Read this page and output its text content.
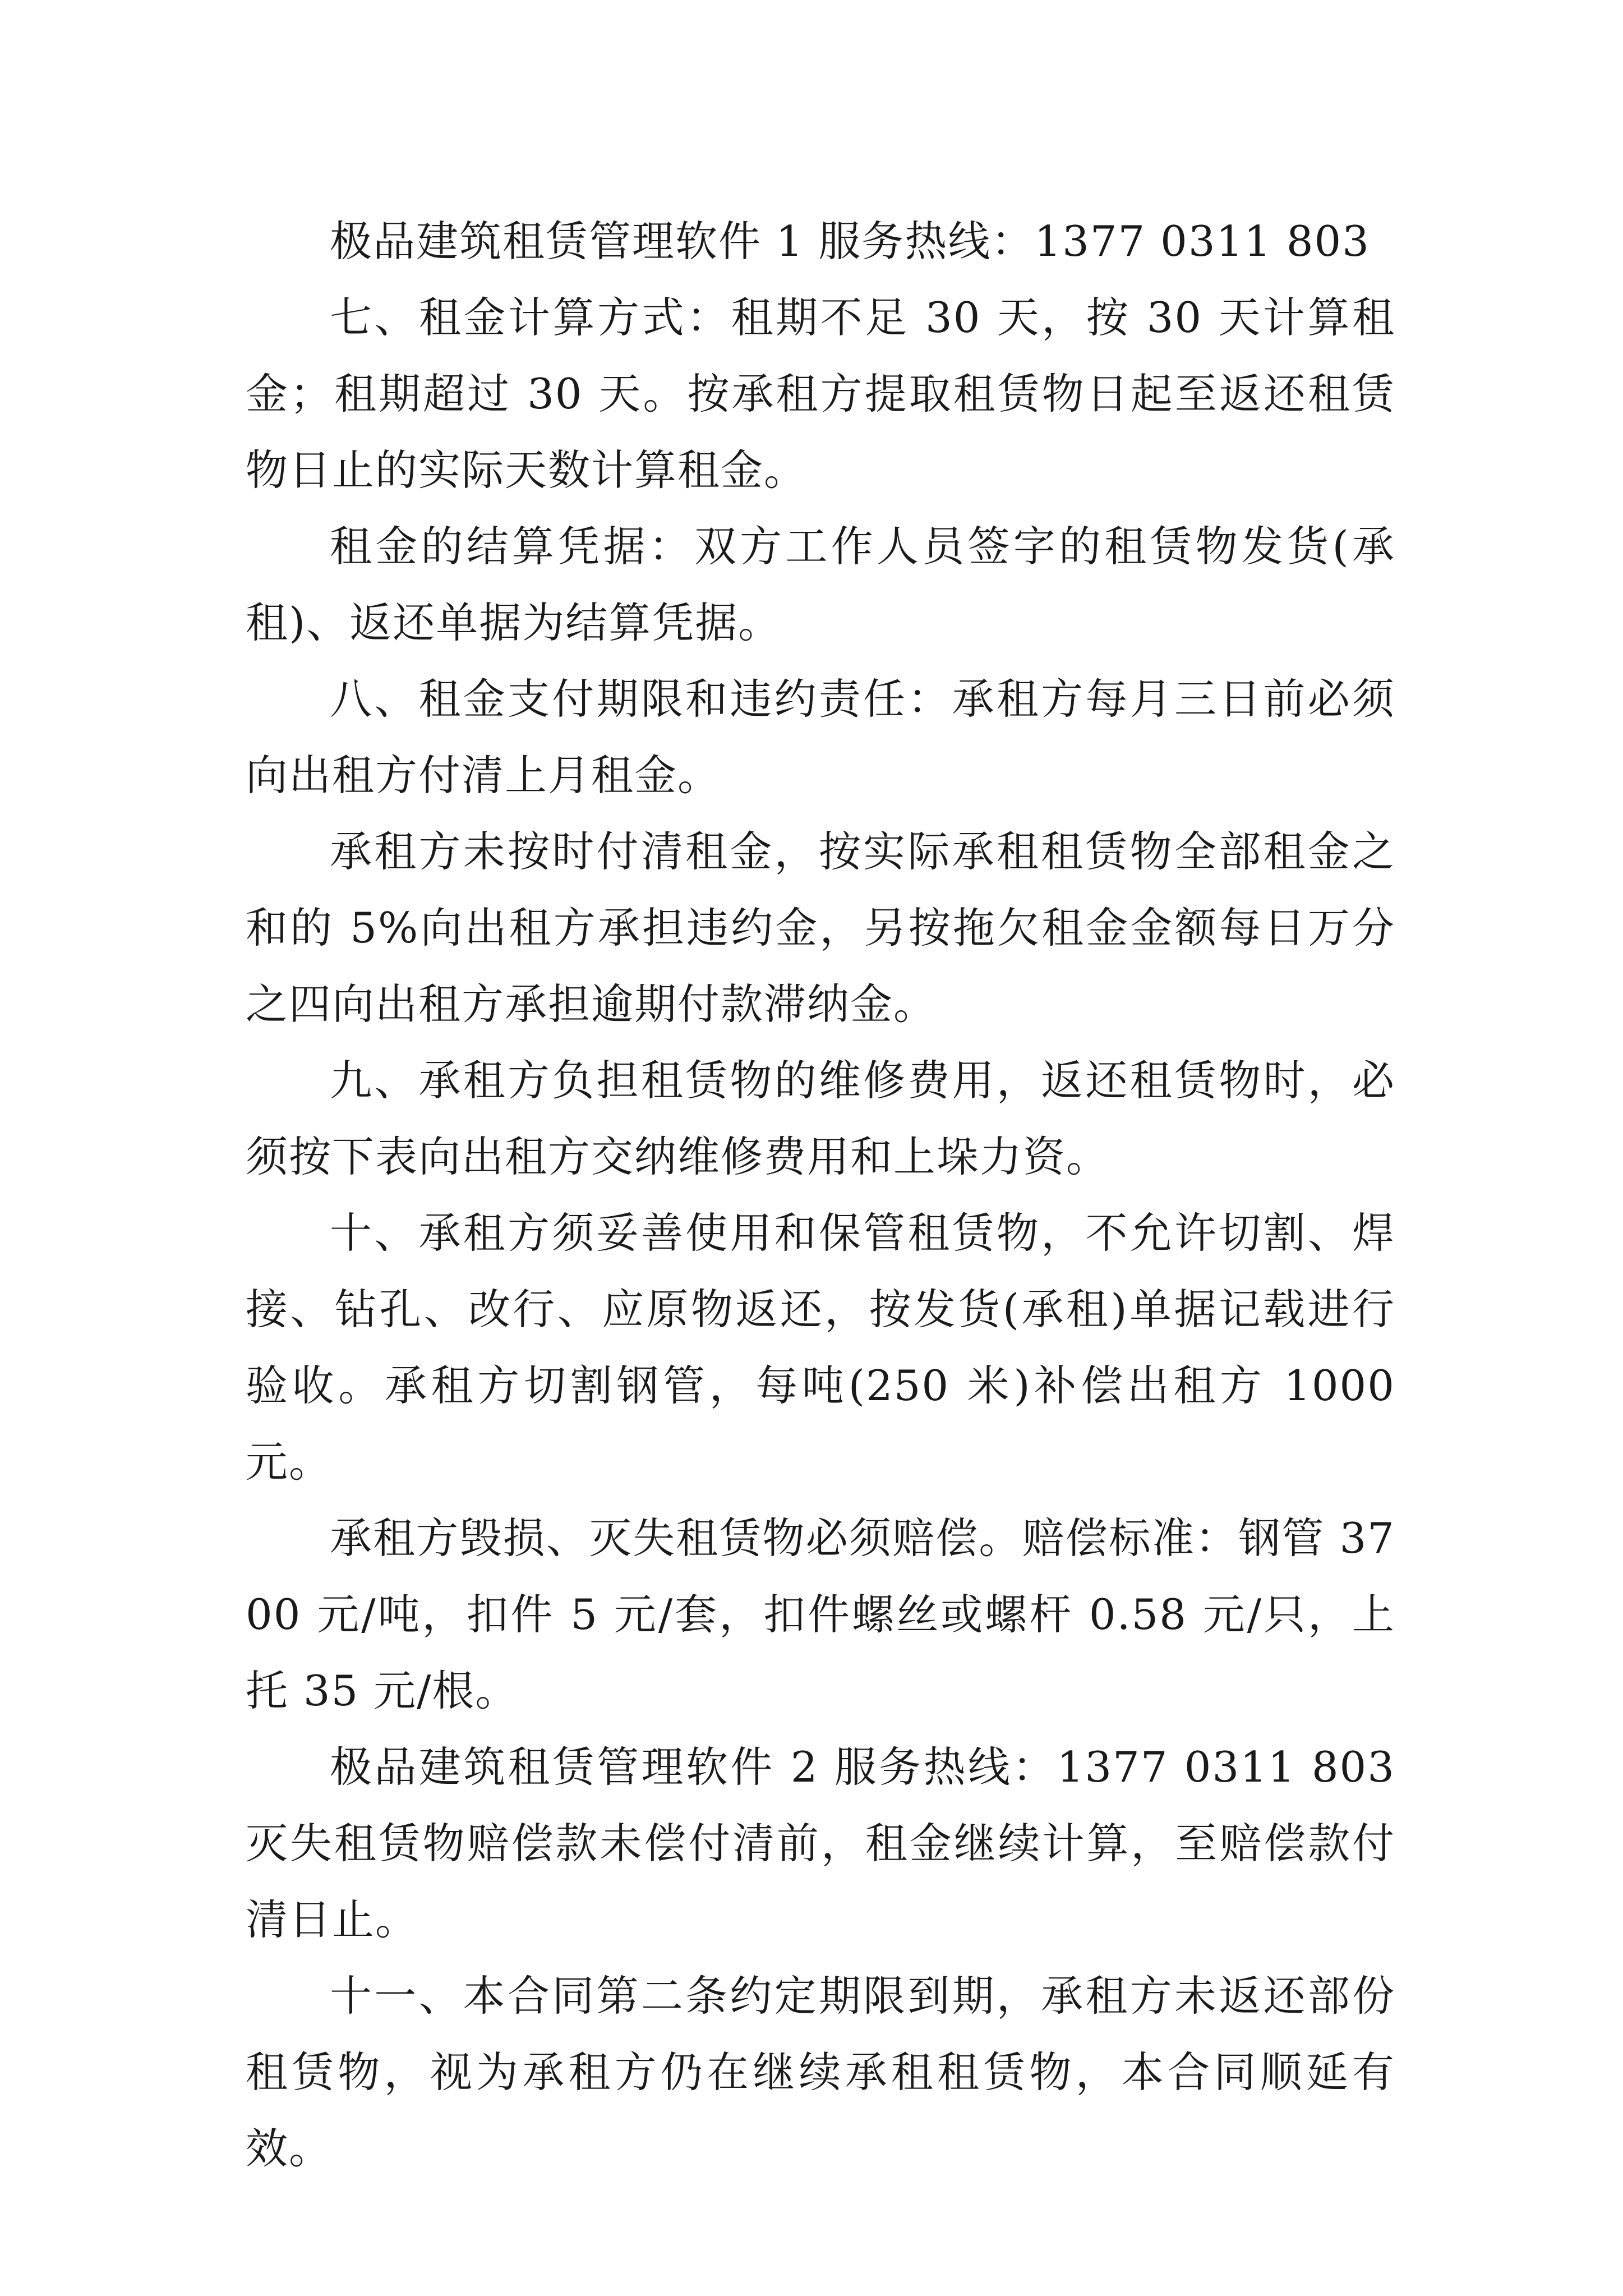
极品建筑租赁管理软件 1 服务热线：1377 0311 803

七、租金计算方式：租期不足 30 天，按 30 天计算租金；租期超过 30 天。按承租方提取租赁物日起至返还租赁物日止的实际天数计算租金。

租金的结算凭据：双方工作人员签字的租赁物发货(承租)、返还单据为结算凭据。

八、租金支付期限和违约责任：承租方每月三日前必须向出租方付清上月租金。

承租方未按时付清租金，按实际承租租赁物全部租金之和的 5%向出租方承担违约金，另按拖欠租金金额每日万分之四向出租方承担逾期付款滞纳金。

九、承租方负担租赁物的维修费用，返还租赁物时，必须按下表向出租方交纳维修费用和上垛力资。

十、承租方须妥善使用和保管租赁物，不允许切割、焊接、钻孔、改行、应原物返还，按发货(承租)单据记载进行验收。承租方切割钢管，每吨(250 米)补偿出租方 1000 元。

承租方毁损、灭失租赁物必须赔偿。赔偿标准：钢管 3700 元/吨，扣件 5 元/套，扣件螺丝或螺杆 0.58 元/只，上托 35 元/根。

极品建筑租赁管理软件 2 服务热线：1377 0311 803 灭失租赁物赔偿款未偿付清前，租金继续计算，至赔偿款付清日止。

十一、本合同第二条约定期限到期，承租方未返还部份租赁物，视为承租方仍在继续承租租赁物，本合同顺延有效。
